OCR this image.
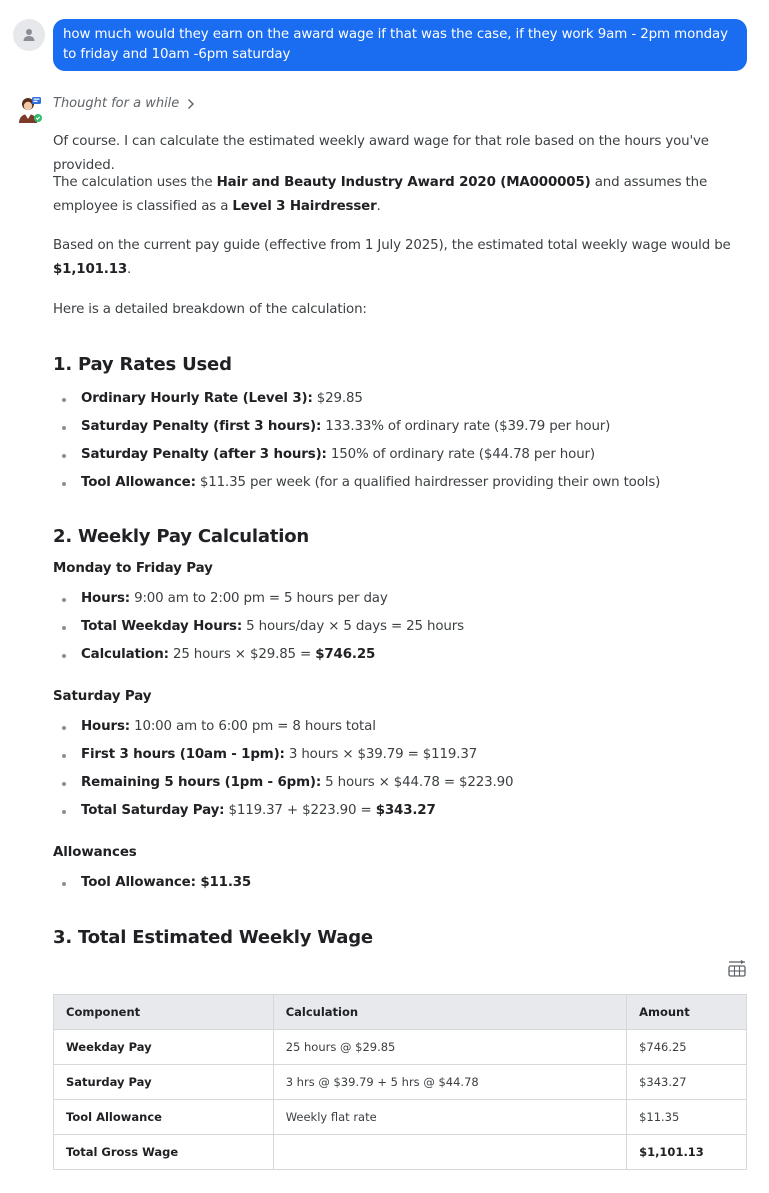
how much would they earn on the award wage if that was the case, if they work 9am - 2pm monday to friday and 10am -6pm saturday
Thought for a while

Of course. I can calculate the estimated weekly award wage for that role based on the hours you've provided.

The calculation uses the Hair and Beauty Industry Award 2020 (MA000005) and assumes the employee is classified as a Level 3 Hairdresser.

Based on the current pay guide (effective from 1 July 2025), the estimated total weekly wage would be $1,101.13.

Here is a detailed breakdown of the calculation:

1. Pay Rates Used
Ordinary Hourly Rate (Level 3): $29.85
Saturday Penalty (first 3 hours): 133.33% of ordinary rate ($39.79 per hour)
Saturday Penalty (after 3 hours): 150% of ordinary rate ($44.78 per hour)
Tool Allowance: $11.35 per week (for a qualified hairdresser providing their own tools)
2. Weekly Pay Calculation
Monday to Friday Pay
Hours: 9:00 am to 2:00 pm = 5 hours per day
Total Weekday Hours: 5 hours/day × 5 days = 25 hours
Calculation: 25 hours × $29.85 = $746.25
Saturday Pay
Hours: 10:00 am to 6:00 pm = 8 hours total
First 3 hours (10am - 1pm): 3 hours × $39.79 = $119.37
Remaining 5 hours (1pm - 6pm): 5 hours × $44.78 = $223.90
Total Saturday Pay: $119.37 + $223.90 = $343.27
Allowances
Tool Allowance: $11.35
3. Total Estimated Weekly Wage
Component	Calculation	Amount
Weekday Pay	25 hours @ $29.85	$746.25
Saturday Pay	3 hrs @ $39.79 + 5 hrs @ $44.78	$343.27
Tool Allowance	Weekly flat rate	$11.35
Total Gross Wage		$1,101.13
